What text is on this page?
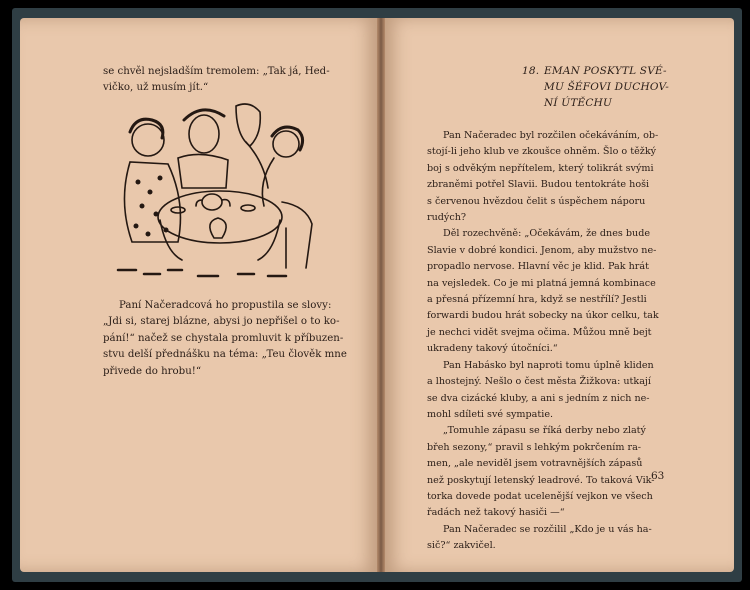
se chvěl nejsladším tremolem: „Tak já, Hed-

vičko, už musím jít.“

Paní Načeradcová ho propustila se slovy:

„Jdi si, starej blázne, abysi jo nepřišel o to ko-

pání!“ načež se chystala promluvit k příbuzen-

stvu delší přednášku na téma: „Teu člověk mne

přivede do hrobu!“

18. EMAN POSKYTL SVÉ-
MU ŠÉFOVI DUCHOV-
NÍ ÚTĚCHU

Pan Načeradec byl rozčilen očekáváním, ob-

stojí-li jeho klub ve zkoušce ohněm. Šlo o těžký

boj s odvěkým nepřítelem, který tolikrát svými

zbraněmi potřel Slavii. Budou tentokráte hoši

s červenou hvězdou čelit s úspěchem náporu

rudých?

Děl rozechvěně: „Očekávám, že dnes bude

Slavie v dobré kondici. Jenom, aby mužstvo ne-

propadlo nervose. Hlavní věc je klid. Pak hrát

na vejsledek. Co je mi platná jemná kombinace

a přesná přízemní hra, když se nestřílí? Jestli

forwardi budou hrát sobecky na úkor celku, tak

je nechci vidět svejma očima. Můžou mně bejt

ukradeny takový útočníci.“

Pan Habásko byl naproti tomu úplně kliden

a lhostejný. Nešlo o čest města Žižkova: utkají

se dva cizácké kluby, a ani s jedním z nich ne-

mohl sdíleti své sympatie.

„Tomuhle zápasu se říká derby nebo zlatý

břeh sezony,“ pravil s lehkým pokrčením ra-

men, „ale neviděl jsem votravnějších zápasů

než poskytují letenský leadrové. To taková Vik-

torka dovede podat ucelenější vejkon ve všech

řadách než takový hasiči —“

Pan Načeradec se rozčilil „Kdo je u vás ha-

sič?“ zakvičel.

63
